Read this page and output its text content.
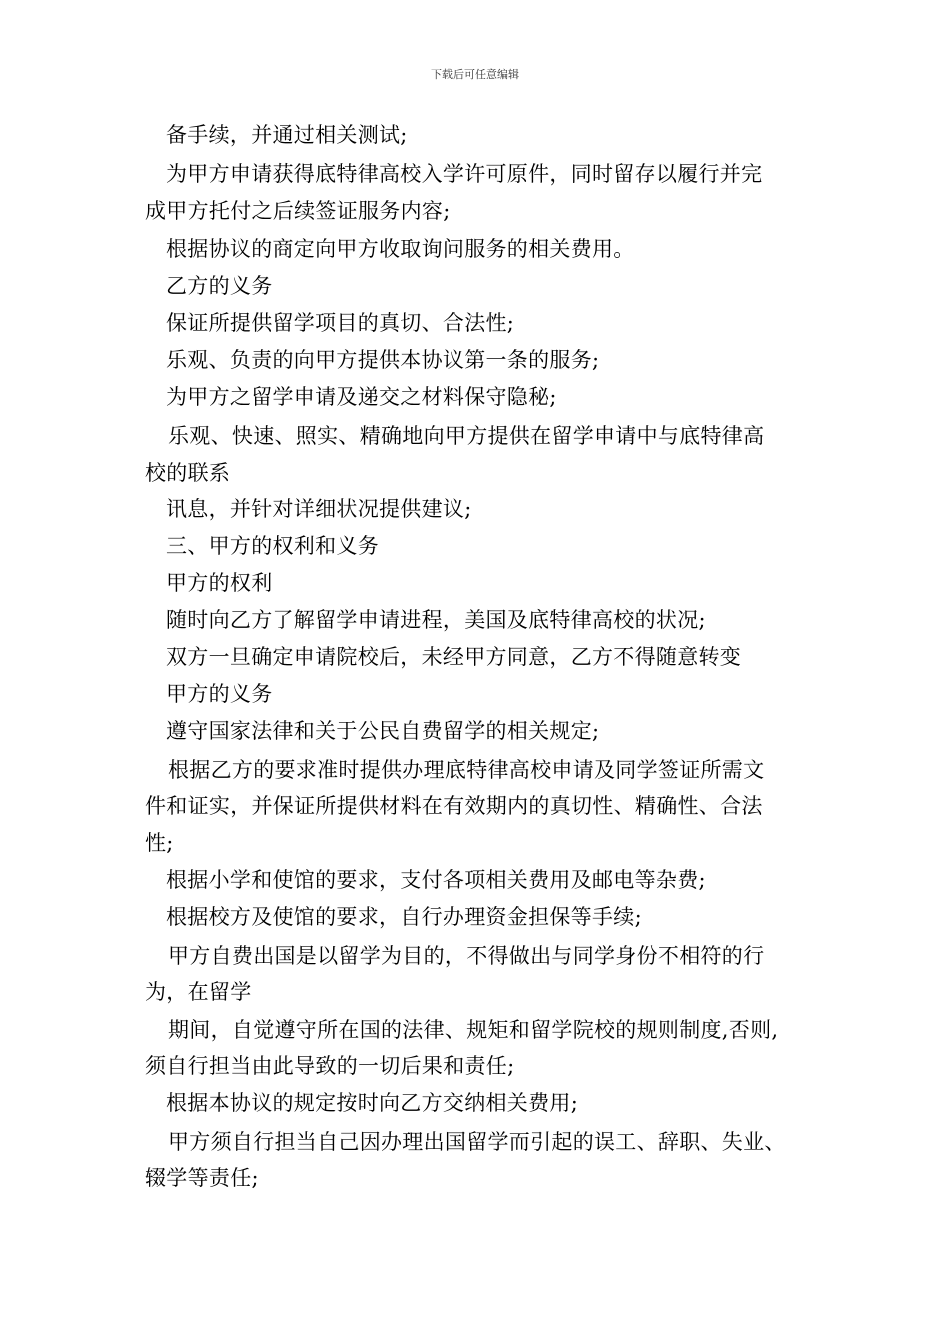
下载后可任意编辑
备手续，并通过相关测试;
为甲方申请获得底特律高校入学许可原件，同时留存以履行并完
成甲方托付之后续签证服务内容;
根据协议的商定向甲方收取询问服务的相关费用。
乙方的义务
保证所提供留学项目的真切、合法性;
乐观、负责的向甲方提供本协议第一条的服务;
为甲方之留学申请及递交之材料保守隐秘;
乐观、快速、照实、精确地向甲方提供在留学申请中与底特律高
校的联系
讯息，并针对详细状况提供建议;
三、甲方的权利和义务
甲方的权利
随时向乙方了解留学申请进程，美国及底特律高校的状况;
双方一旦确定申请院校后，未经甲方同意，乙方不得随意转变
甲方的义务
遵守国家法律和关于公民自费留学的相关规定;
根据乙方的要求准时提供办理底特律高校申请及同学签证所需文
件和证实，并保证所提供材料在有效期内的真切性、精确性、合法
性;
根据小学和使馆的要求，支付各项相关费用及邮电等杂费;
根据校方及使馆的要求，自行办理资金担保等手续;
甲方自费出国是以留学为目的，不得做出与同学身份不相符的行
为，在留学
期间，自觉遵守所在国的法律、规矩和留学院校的规则制度,否则,
须自行担当由此导致的一切后果和责任;
根据本协议的规定按时向乙方交纳相关费用;
甲方须自行担当自己因办理出国留学而引起的误工、辞职、失业、
辍学等责任;
